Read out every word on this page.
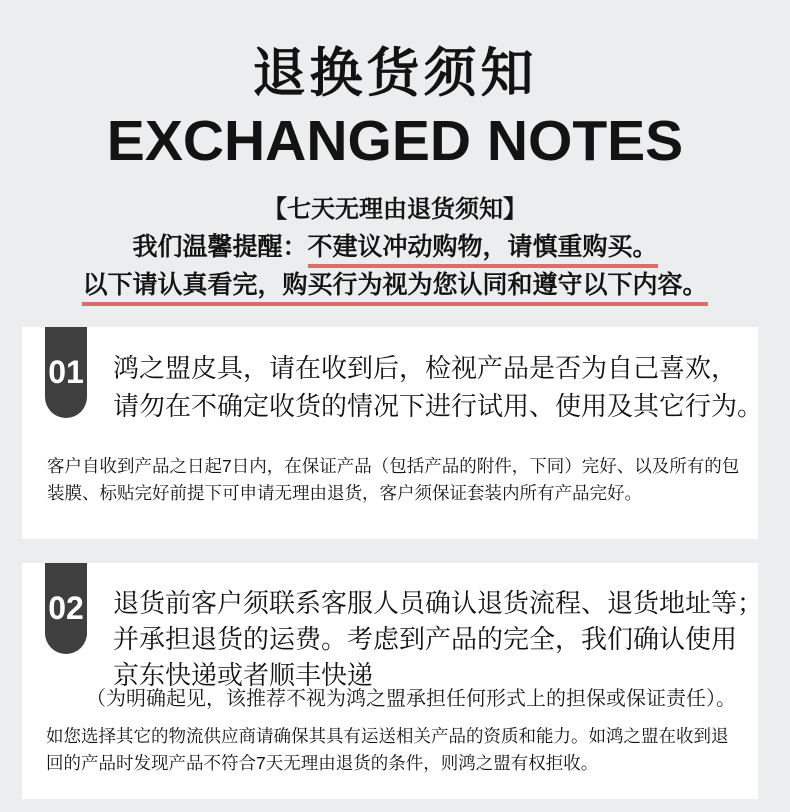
退换货须知
EXCHANGED NOTES

【七天无理由退货须知】

我们温馨提醒：不建议冲动购物，请慎重购买。

以下请认真看完，购买行为视为您认同和遵守以下内容。

01 鸿之盟皮具，请在收到后，检视产品是否为自己喜欢，
请勿在不确定收货的情况下进行试用、使用及其它行为。
客户自收到产品之日起7日内，在保证产品（包括产品的附件，下同）完好、以及所有的包装膜、标贴完好前提下可申请无理由退货，客户须保证套装内所有产品完好。
02 退货前客户须联系客服人员确认退货流程、退货地址等；
并承担退货的运费。考虑到产品的完全，我们确认使用
京东快递或者顺丰快递
（为明确起见，该推荐不视为鸿之盟承担任何形式上的担保或保证责任）。
如您选择其它的物流供应商请确保其具有运送相关产品的资质和能力。如鸿之盟在收到退回的产品时发现产品不符合7天无理由退货的条件，则鸿之盟有权拒收。
